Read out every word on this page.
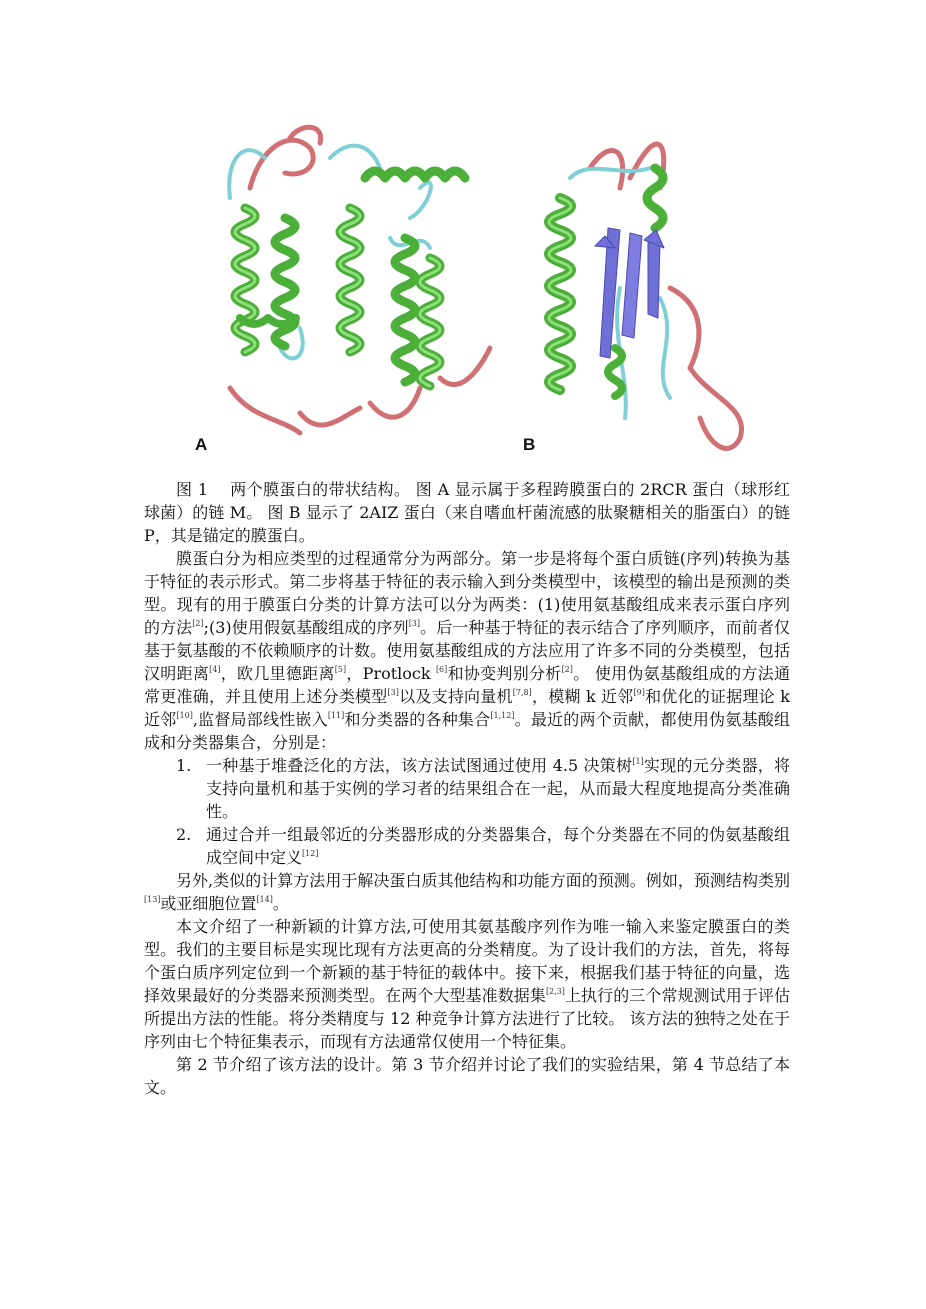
A	B

图 1　 两个膜蛋白的带状结构。 图 A 显示属于多程跨膜蛋白的 2RCR 蛋白（球形红球菌）的链 M。 图 B 显示了 2AIZ 蛋白（来自嗜血杆菌流感的肽聚糖相关的脂蛋白）的链 P，其是锚定的膜蛋白。

膜蛋白分为相应类型的过程通常分为两部分。第一步是将每个蛋白质链(序列)转换为基于特征的表示形式。第二步将基于特征的表示输入到分类模型中，该模型的输出是预测的类型。现有的用于膜蛋白分类的计算方法可以分为两类：(1)使用氨基酸组成来表示蛋白序列的方法[2];(3)使用假氨基酸组成的序列[3]。后一种基于特征的表示结合了序列顺序，而前者仅基于氨基酸的不依赖顺序的计数。使用氨基酸组成的方法应用了许多不同的分类模型，包括汉明距离[4]，欧几里德距离[5]，Protlock [6]和协变判别分析[2]。 使用伪氨基酸组成的方法通常更准确，并且使用上述分类模型[3]以及支持向量机[7,8]，模糊 k 近邻[9]和优化的证据理论 k 近邻[10],监督局部线性嵌入[11]和分类器的各种集合[1,12]。最近的两个贡献，都使用伪氨基酸组成和分类器集合，分别是：

1. 一种基于堆叠泛化的方法，该方法试图通过使用 4.5 决策树[1]实现的元分类器，将支持向量机和基于实例的学习者的结果组合在一起，从而最大程度地提高分类准确性。
2. 通过合并一组最邻近的分类器形成的分类器集合，每个分类器在不同的伪氨基酸组成空间中定义[12]

另外,类似的计算方法用于解决蛋白质其他结构和功能方面的预测。例如，预测结构类别[13]或亚细胞位置[14]。

本文介绍了一种新颖的计算方法,可使用其氨基酸序列作为唯一输入来鉴定膜蛋白的类型。我们的主要目标是实现比现有方法更高的分类精度。为了设计我们的方法，首先，将每个蛋白质序列定位到一个新颖的基于特征的载体中。接下来，根据我们基于特征的向量，选择效果最好的分类器来预测类型。在两个大型基准数据集[2,3]上执行的三个常规测试用于评估所提出方法的性能。将分类精度与 12 种竞争计算方法进行了比较。 该方法的独特之处在于序列由七个特征集表示，而现有方法通常仅使用一个特征集。

第 2 节介绍了该方法的设计。第 3 节介绍并讨论了我们的实验结果，第 4 节总结了本文。
